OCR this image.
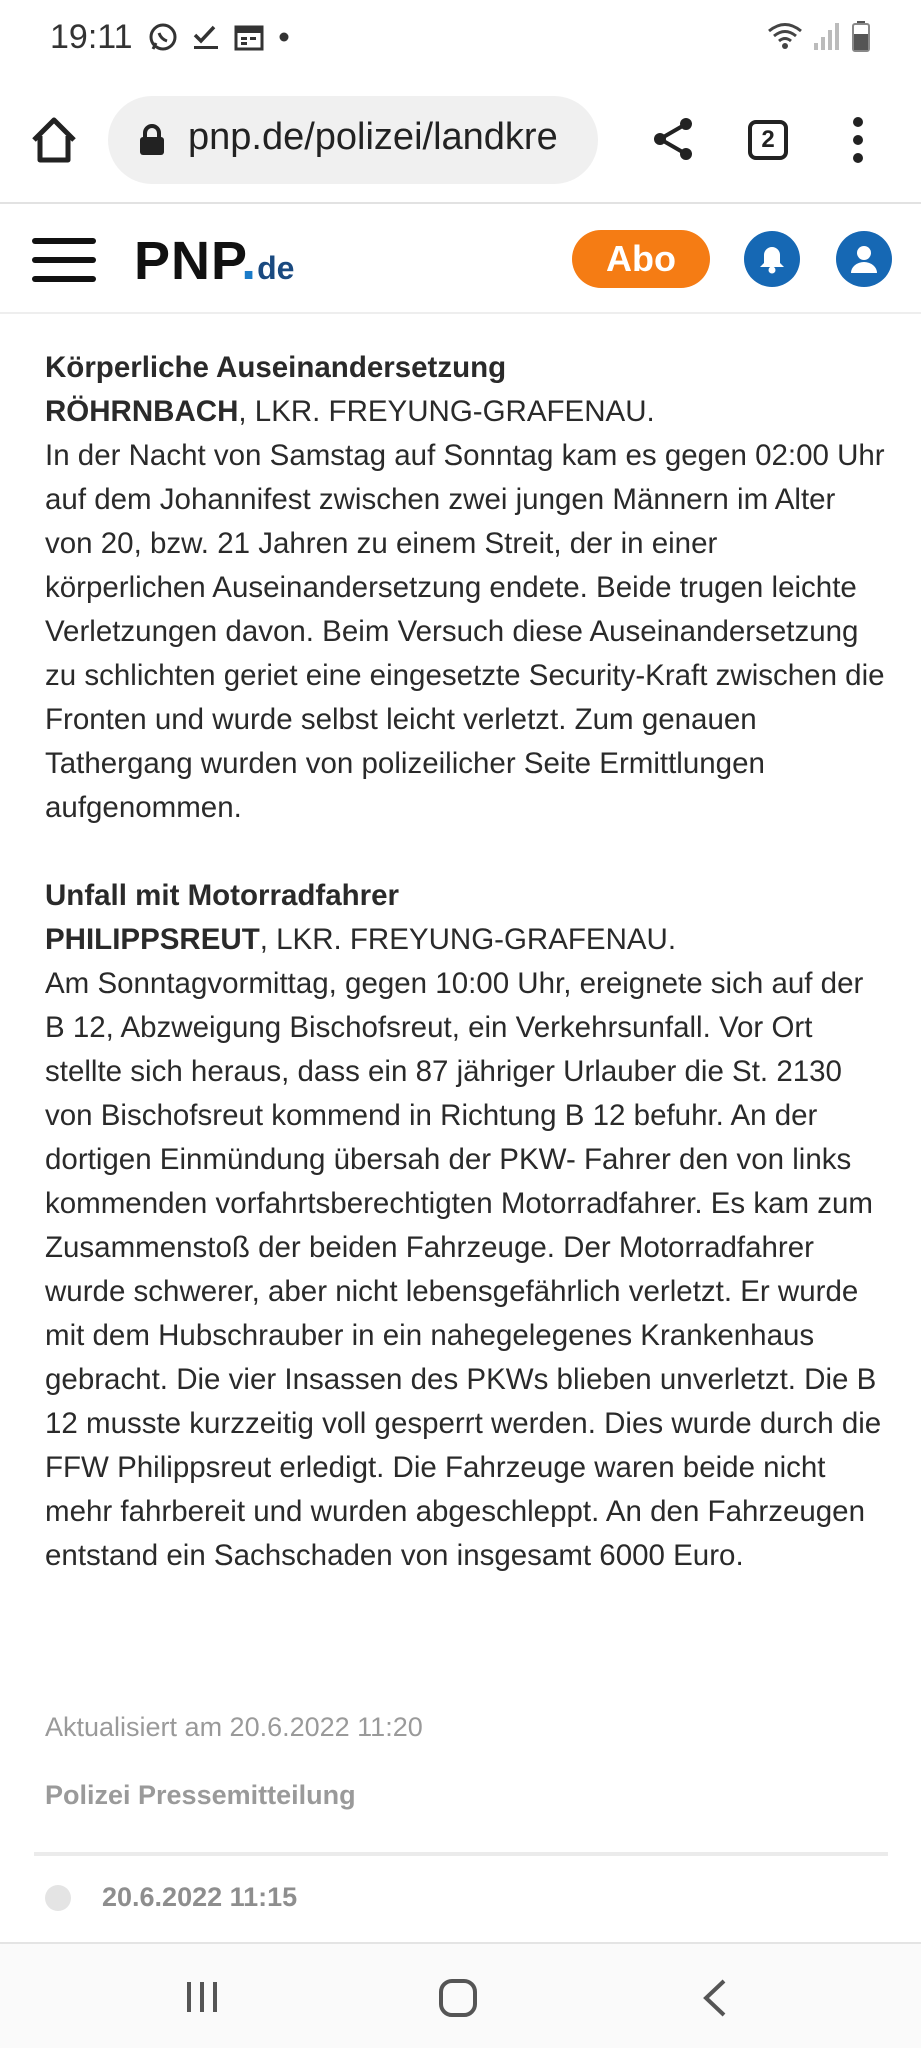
19:11
pnp.de/polizei/landkre	2
PNP.de	Abo

Körperliche Auseinandersetzung

RÖHRNBACH, LKR. FREYUNG-GRAFENAU.

In der Nacht von Samstag auf Sonntag kam es gegen 02:00 Uhr auf dem Johannifest zwischen zwei jungen Männern im Alter von 20, bzw. 21 Jahren zu einem Streit, der in einer körperlichen Auseinandersetzung endete. Beide trugen leichte Verletzungen davon. Beim Versuch diese Auseinandersetzung zu schlichten geriet eine eingesetzte Security-Kraft zwischen die Fronten und wurde selbst leicht verletzt. Zum genauen Tathergang wurden von polizeilicher Seite Ermittlungen aufgenommen.

Unfall mit Motorradfahrer

PHILIPPSREUT, LKR. FREYUNG-GRAFENAU.

Am Sonntagvormittag, gegen 10:00 Uhr, ereignete sich auf der B 12, Abzweigung Bischofsreut, ein Verkehrsunfall. Vor Ort stellte sich heraus, dass ein 87 jähriger Urlauber die St. 2130 von Bischofsreut kommend in Richtung B 12 befuhr. An der dortigen Einmündung übersah der PKW- Fahrer den von links kommenden vorfahrtsberechtigten Motorradfahrer. Es kam zum Zusammenstoß der beiden Fahrzeuge. Der Motorradfahrer wurde schwerer, aber nicht lebensgefährlich verletzt. Er wurde mit dem Hubschrauber in ein nahegelegenes Krankenhaus gebracht. Die vier Insassen des PKWs blieben unverletzt. Die B 12 musste kurzzeitig voll gesperrt werden. Dies wurde durch die FFW Philippsreut erledigt. Die Fahrzeuge waren beide nicht mehr fahrbereit und wurden abgeschleppt. An den Fahrzeugen entstand ein Sachschaden von insgesamt 6000 Euro.

Aktualisiert am 20.6.2022 11:20
Polizei Pressemitteilung
20.6.2022 11:15
